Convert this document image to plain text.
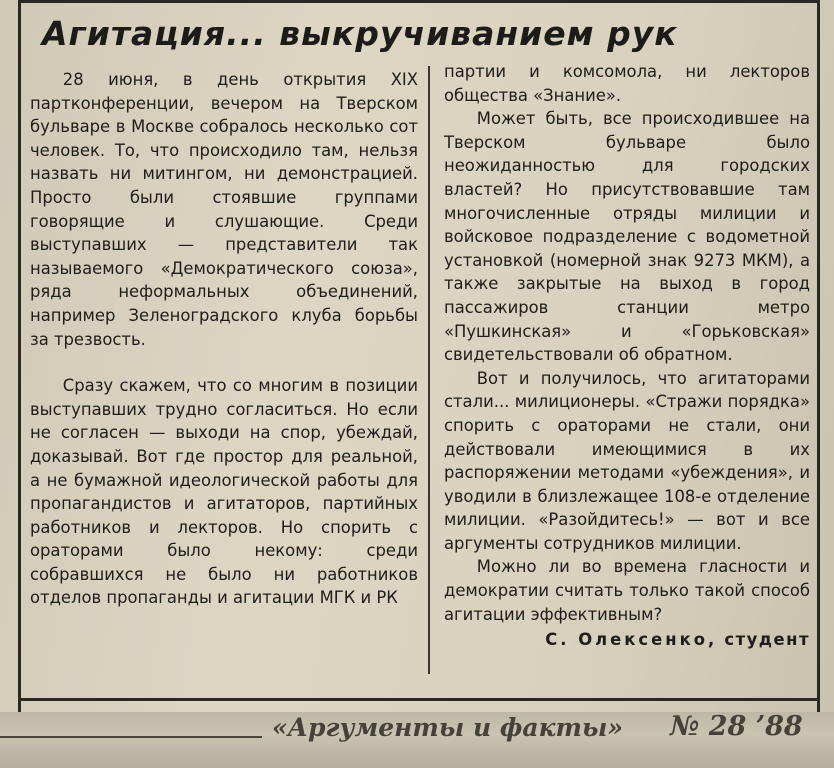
Агитация... выкручиванием рук

28 июня, в день открытия XIX партконференции, вечером на Тверском бульваре в Москве собралось несколько сот человек. То, что происходило там, нельзя назвать ни митингом, ни демонстрацией. Просто были стоявшие группами говорящие и слушающие. Среди выступавших — представители так называемого «Демократического союза», ряда неформальных объединений, например Зеленоградского клуба борьбы за трезвость.

Сразу скажем, что со многим в позиции выступавших трудно согласиться. Но если не согласен — выходи на спор, убеждай, доказывай. Вот где простор для реальной, а не бумажной идеологической работы для пропагандистов и агитаторов, партийных работников и лекторов. Но спорить с ораторами было некому: среди собравшихся не было ни работников отделов пропаганды и агитации МГК и РК

партии и комсомола, ни лекторов общества «Знание».

Может быть, все происходившее на Тверском бульваре было неожиданностью для городских властей? Но присутствовавшие там многочисленные отряды милиции и войсковое подразделение с водометной установкой (номерной знак 9273 МКМ), а также закрытые на выход в город пассажиров станции метро «Пушкинская» и «Горьковская» свидетельствовали об обратном.

Вот и получилось, что агитаторами стали... милиционеры. «Стражи порядка» спорить с ораторами не стали, они действовали имеющимися в их распоряжении методами «убеждения», и уводили в близлежащее 108-е отделение милиции. «Разойдитесь!» — вот и все аргументы сотрудников милиции.

Можно ли во времена гласности и демократии считать только такой способ агитации эффективным?

С. Олексенко, студент
«Аргументы и факты» № 28 ’88
